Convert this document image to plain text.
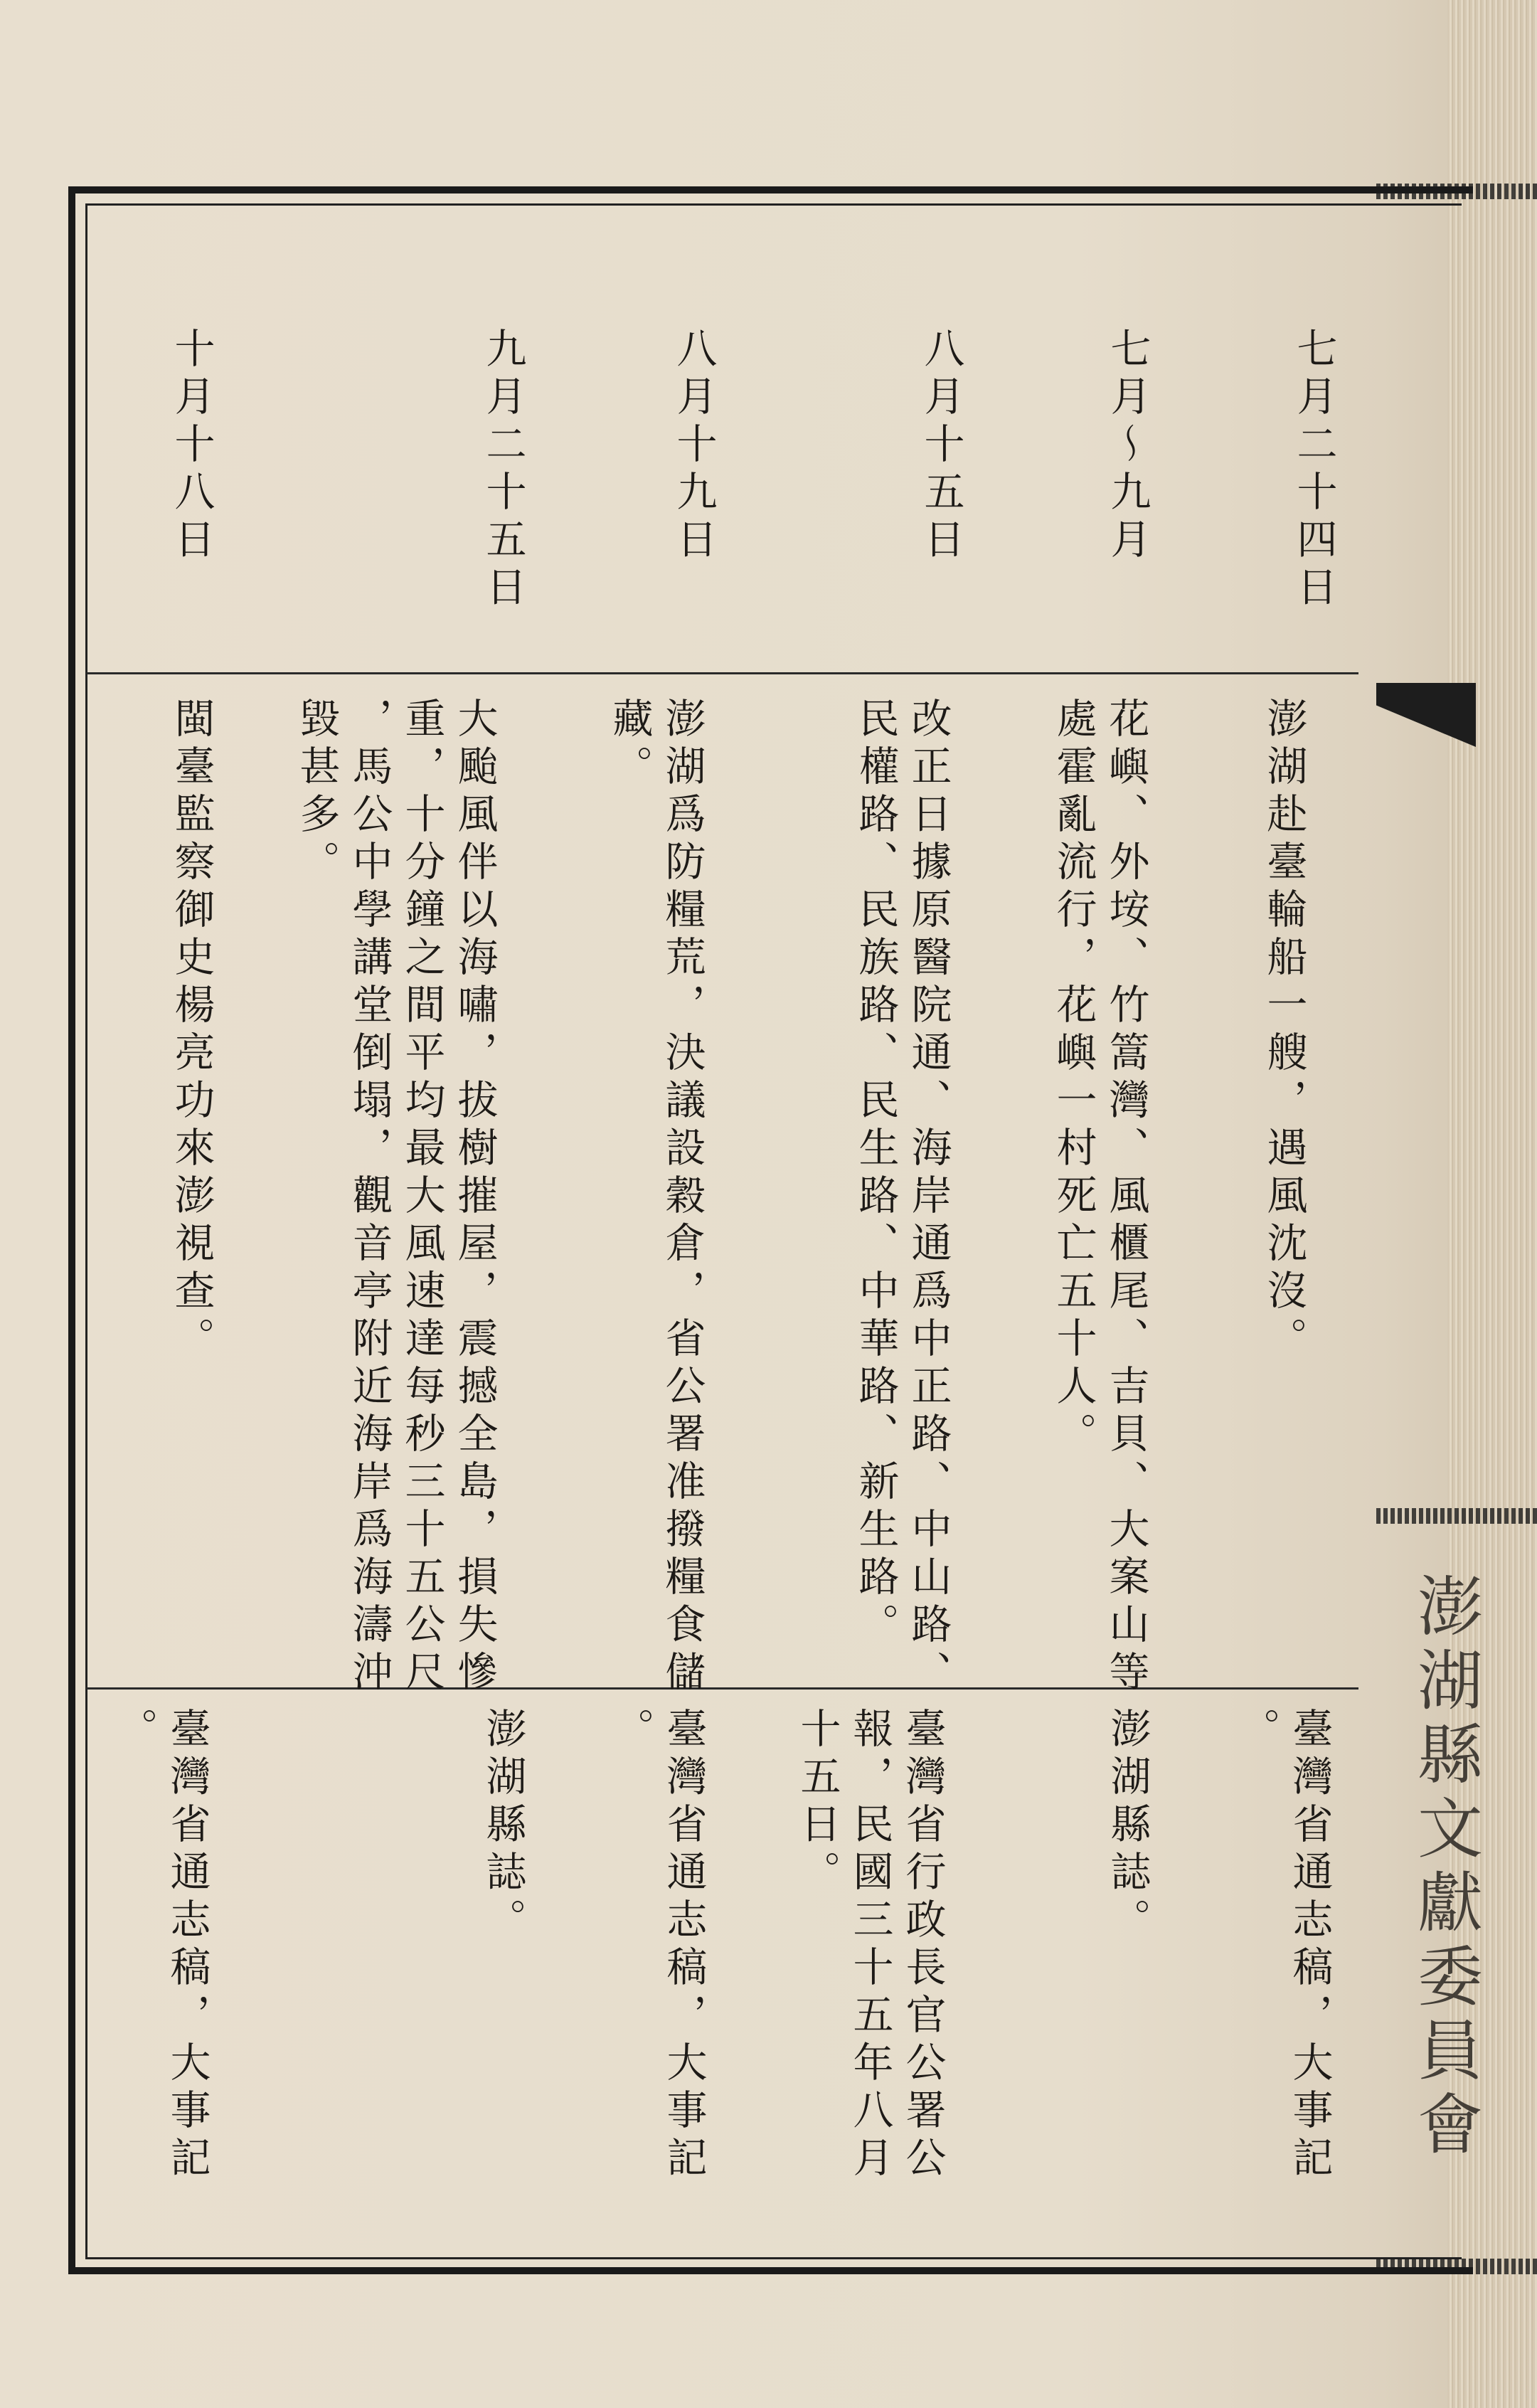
七月二十四日
澎湖赴臺輪船一艘，遇風沈沒。
臺灣省通志稿，大事記
。
七月～九月
花嶼、外垵、竹篙灣、風櫃尾、吉貝、大案山等
處霍亂流行，花嶼一村死亡五十人。
澎湖縣誌。
八月十五日
改正日據原醫院通、海岸通爲中正路、中山路、
民權路、民族路、民生路、中華路、新生路。
臺灣省行政長官公署公
報，民國三十五年八月
十五日。
八月十九日
澎湖爲防糧荒，決議設穀倉，省公署准撥糧食儲
藏。
臺灣省通志稿，大事記
。
九月二十五日
大颱風伴以海嘯，拔樹摧屋，震撼全島，損失慘
重，十分鐘之間平均最大風速達每秒三十五公尺
，馬公中學講堂倒塌，觀音亭附近海岸爲海濤沖
毀甚多。
澎湖縣誌。
十月十八日
閩臺監察御史楊亮功來澎視查。
臺灣省通志稿，大事記
。	澎湖縣文獻委員會
